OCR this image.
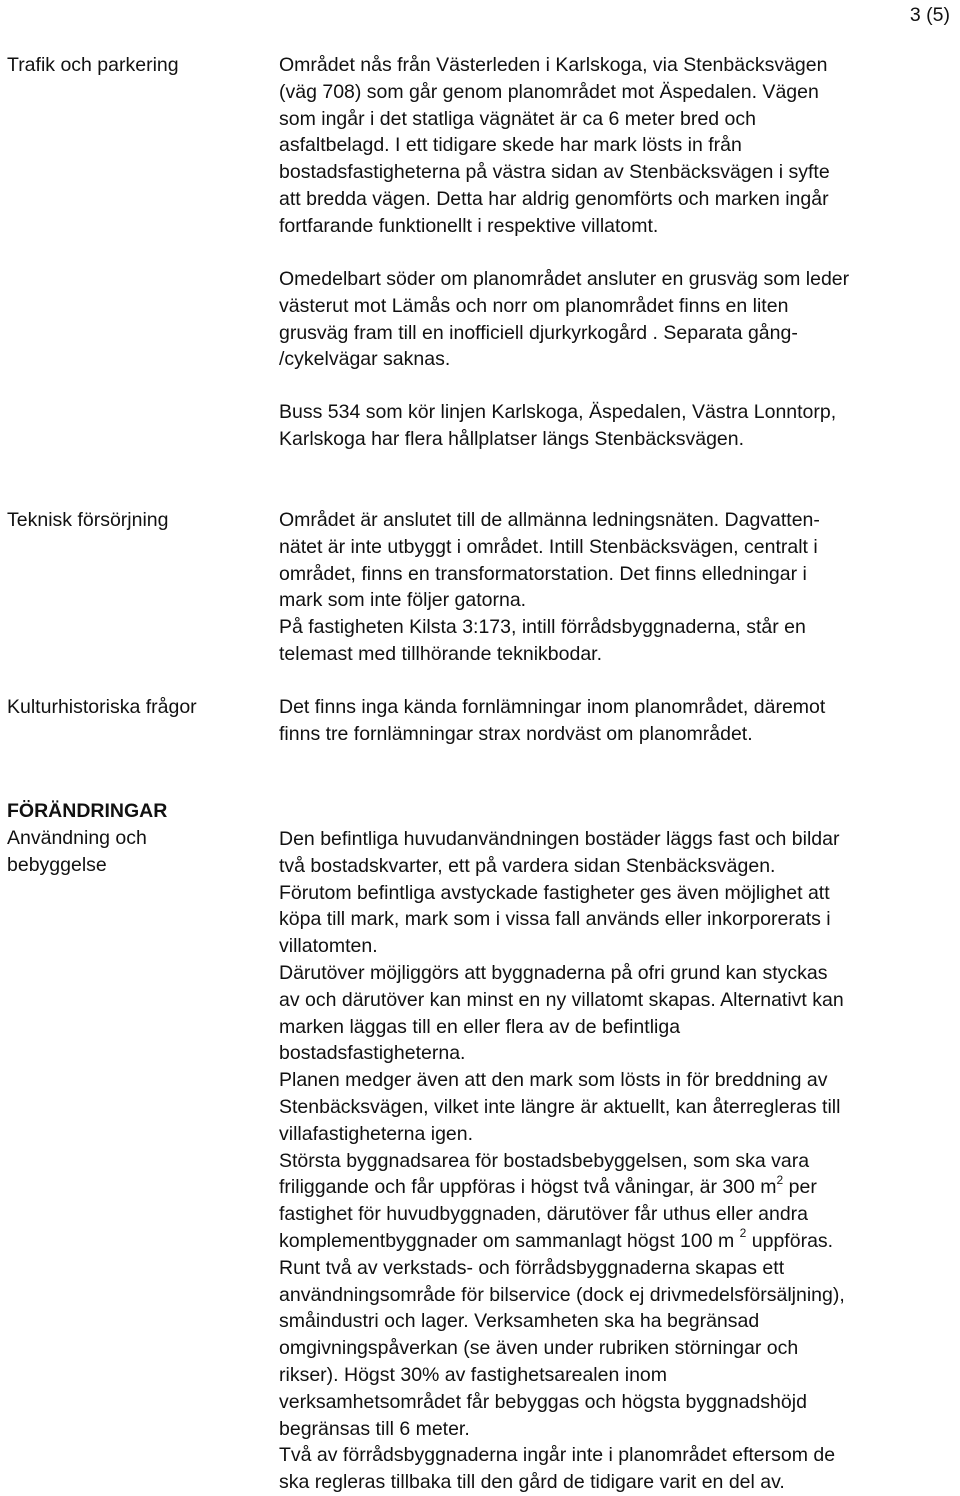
3 (5)
Trafik och parkering	Området nås från Västerleden i Karlskoga, via Stenbäcksvägen
(väg 708) som går genom planområdet mot Äspedalen. Vägen
som ingår i det statliga vägnätet är ca 6 meter bred och
asfaltbelagd. I ett tidigare skede har mark lösts in från
bostadsfastigheterna på västra sidan av Stenbäcksvägen i syfte
att bredda vägen. Detta har aldrig genomförts och marken ingår
fortfarande funktionellt i respektive villatomt.
Omedelbart söder om planområdet ansluter en grusväg som leder
västerut mot Lämås och norr om planområdet finns en liten
grusväg fram till en inofficiell djurkyrkogård . Separata gång-
/cykelvägar saknas.
Buss 534 som kör linjen Karlskoga, Äspedalen, Västra Lonntorp,
Karlskoga har flera hållplatser längs Stenbäcksvägen.
Teknisk försörjning	Området är anslutet till de allmänna ledningsnäten. Dagvatten-
nätet är inte utbyggt i området. Intill Stenbäcksvägen, centralt i
området, finns en transformatorstation. Det finns elledningar i
mark som inte följer gatorna.
På fastigheten Kilsta 3:173, intill förrådsbyggnaderna, står en
telemast med tillhörande teknikbodar.
Kulturhistoriska frågor	Det finns inga kända fornlämningar inom planområdet, däremot
finns tre fornlämningar strax nordväst om planområdet.
FÖRÄNDRINGAR
Användning och
bebyggelse
Den befintliga huvudanvändningen bostäder läggs fast och bildar
två bostadskvarter, ett på vardera sidan Stenbäcksvägen.
Förutom befintliga avstyckade fastigheter ges även möjlighet att
köpa till mark, mark som i vissa fall används eller inkorporerats i
villatomten.
Därutöver möjliggörs att byggnaderna på ofri grund kan styckas
av och därutöver kan minst en ny villatomt skapas. Alternativt kan
marken läggas till en eller flera av de befintliga
bostadsfastigheterna.
Planen medger även att den mark som lösts in för breddning av
Stenbäcksvägen, vilket inte längre är aktuellt, kan återregleras till
villafastigheterna igen.
Största byggnadsarea för bostadsbebyggelsen, som ska vara
friliggande och får uppföras i högst två våningar, är 300 $m^2$ per
fastighet för huvudbyggnaden, därutöver får uthus eller andra
komplementbyggnader om sammanlagt högst 100 m $^2$ uppföras.
Runt två av verkstads- och förrådsbyggnaderna skapas ett
användningsområde för bilservice (dock ej drivmedelsförsäljning),
småindustri och lager. Verksamheten ska ha begränsad
omgivningspåverkan (se även under rubriken störningar och
rikser). Högst 30% av fastighetsarealen inom
verksamhetsområdet får bebyggas och högsta byggnadshöjd
begränsas till 6 meter.
Två av förrådsbyggnaderna ingår inte i planområdet eftersom de
ska regleras tillbaka till den gård de tidigare varit en del av.
